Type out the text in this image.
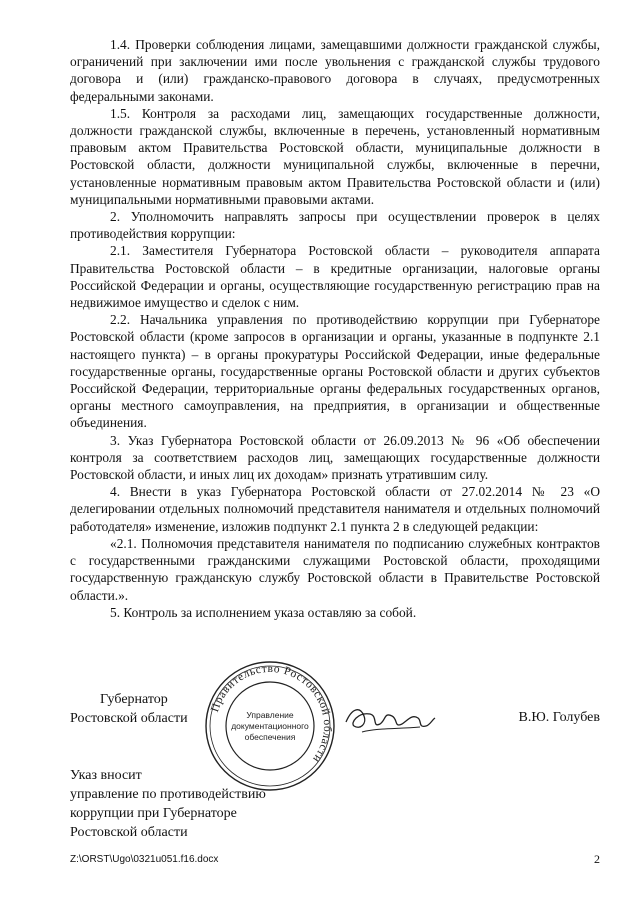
1.4. Проверки соблюдения лицами, замещавшими должности гражданской службы, ограничений при заключении ими после увольнения с гражданской службы трудового договора и (или) гражданско-правового договора в случаях, предусмотренных федеральными законами.

1.5. Контроля за расходами лиц, замещающих государственные должности, должности гражданской службы, включенные в перечень, установленный нормативным правовым актом Правительства Ростовской области, муниципальные должности в Ростовской области, должности муниципальной службы, включенные в перечни, установленные нормативным правовым актом Правительства Ростовской области и (или) муниципальными нормативными правовыми актами.

2. Уполномочить направлять запросы при осуществлении проверок в целях противодействия коррупции:

2.1. Заместителя Губернатора Ростовской области – руководителя аппарата Правительства Ростовской области – в кредитные организации, налоговые органы Российской Федерации и органы, осуществляющие государственную регистрацию прав на недвижимое имущество и сделок с ним.

2.2. Начальника управления по противодействию коррупции при Губернаторе Ростовской области (кроме запросов в организации и органы, указанные в подпункте 2.1 настоящего пункта) – в органы прокуратуры Российской Федерации, иные федеральные государственные органы, государственные органы Ростовской области и других субъектов Российской Федерации, территориальные органы федеральных государственных органов, органы местного самоуправления, на предприятия, в организации и общественные объединения.

3. Указ Губернатора Ростовской области от 26.09.2013 № 96 «Об обеспечении контроля за соответствием расходов лиц, замещающих государственные должности Ростовской области, и иных лиц их доходам» признать утратившим силу.

4. Внести в указ Губернатора Ростовской области от 27.02.2014 № 23 «О делегировании отдельных полномочий представителя нанимателя и отдельных полномочий работодателя» изменение, изложив подпункт 2.1 пункта 2 в следующей редакции:

«2.1. Полномочия представителя нанимателя по подписанию служебных контрактов с государственными гражданскими служащими Ростовской области, проходящими государственную гражданскую службу Ростовской области в Правительстве Ростовской области.».

5. Контроль за исполнением указа оставляю за собой.

Губернатор
Ростовской области
Правительство Ростовской области
Управление
документационного
обеспечения
В.Ю. Голубев
Указ вносит
управление по противодействию
коррупции при Губернаторе
Ростовской области
Z:\ORST\Ugo\0321u051.f16.docx	2
